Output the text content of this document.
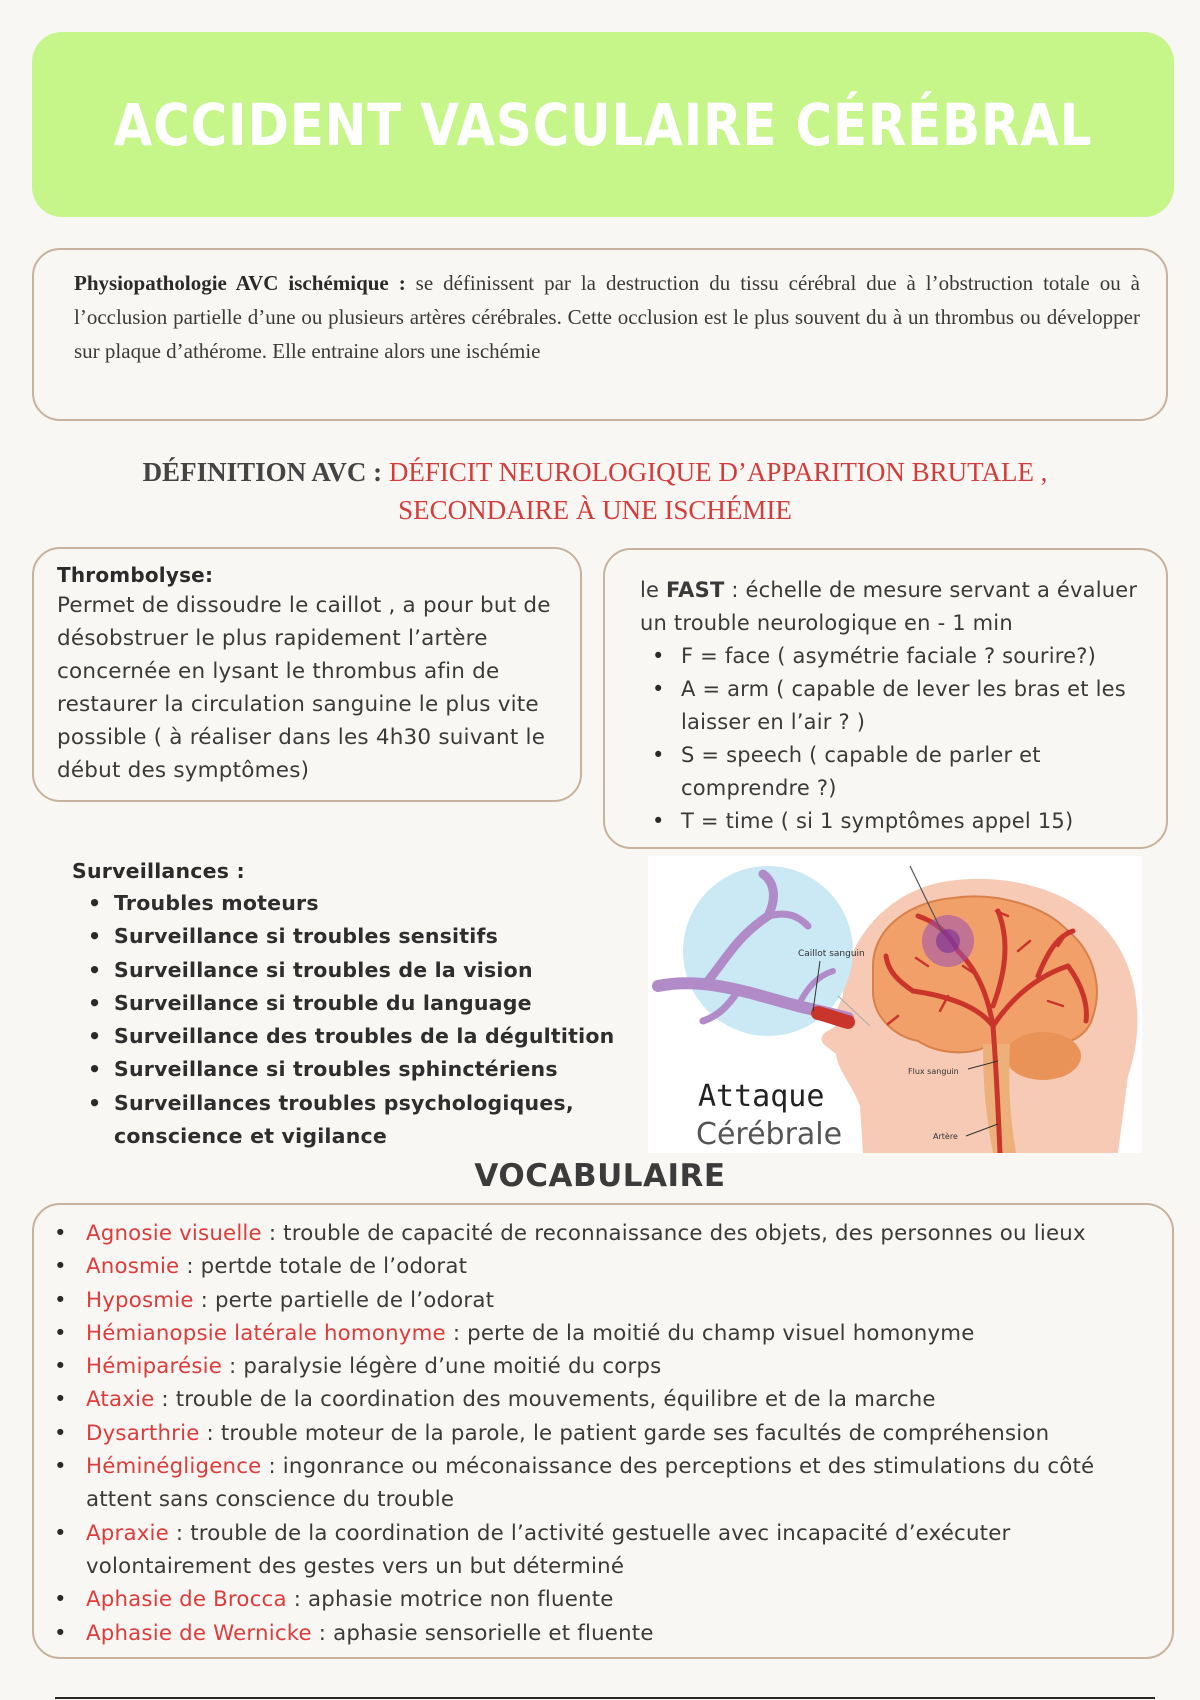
ACCIDENT VASCULAIRE CÉRÉBRAL

Physiopathologie AVC ischémique : se définissent par la destruction du tissu cérébral due à l’obstruction totale ou à l’occlusion partielle d’une ou plusieurs artères cérébrales. Cette occlusion est le plus souvent du à un thrombus ou développer sur plaque d’athérome. Elle entraine alors une ischémie

DÉFINITION AVC : DÉFICIT NEUROLOGIQUE D’APPARITION BRUTALE ,
SECONDAIRE À UNE ISCHÉMIE
Thrombolyse:
Permet de dissoudre le caillot , a pour but de désobstruer le plus rapidement l’artère concernée en lysant le thrombus afin de restaurer la circulation sanguine le plus vite possible ( à réaliser dans les 4h30 suivant le début des symptômes)
le FAST : échelle de mesure servant a évaluer un trouble neurologique en - 1 min
• F = face ( asymétrie faciale ? sourire?)
• A = arm ( capable de lever les bras et les laisser en l’air ? )
• S = speech ( capable de parler et comprendre ?)
• T = time ( si 1 symptômes appel 15)
Surveillances :
• Troubles moteurs
• Surveillance si troubles sensitifs
• Surveillance si troubles de la vision
• Surveillance si trouble du language
• Surveillance des troubles de la dégultition
• Surveillance si troubles sphinctériens
• Surveillances troubles psychologiques, conscience et vigilance
Caillot sanguin
Flux sanguin
Artère
Attaque
Cérébrale
VOCABULAIRE
• Agnosie visuelle : trouble de capacité de reconnaissance des objets, des personnes ou lieux
• Anosmie : pertde totale de l’odorat
• Hyposmie : perte partielle de l’odorat
• Hémianopsie latérale homonyme : perte de la moitié du champ visuel homonyme
• Hémiparésie : paralysie légère d’une moitié du corps
• Ataxie : trouble de la coordination des mouvements, équilibre et de la marche
• Dysarthrie : trouble moteur de la parole, le patient garde ses facultés de compréhension
• Héminégligence : ingonrance ou méconaissance des perceptions et des stimulations du côté attent sans conscience du trouble
• Apraxie : trouble de la coordination de l’activité gestuelle avec incapacité d’exécuter volontairement des gestes vers un but déterminé
• Aphasie de Brocca : aphasie motrice non fluente
• Aphasie de Wernicke : aphasie sensorielle et fluente
